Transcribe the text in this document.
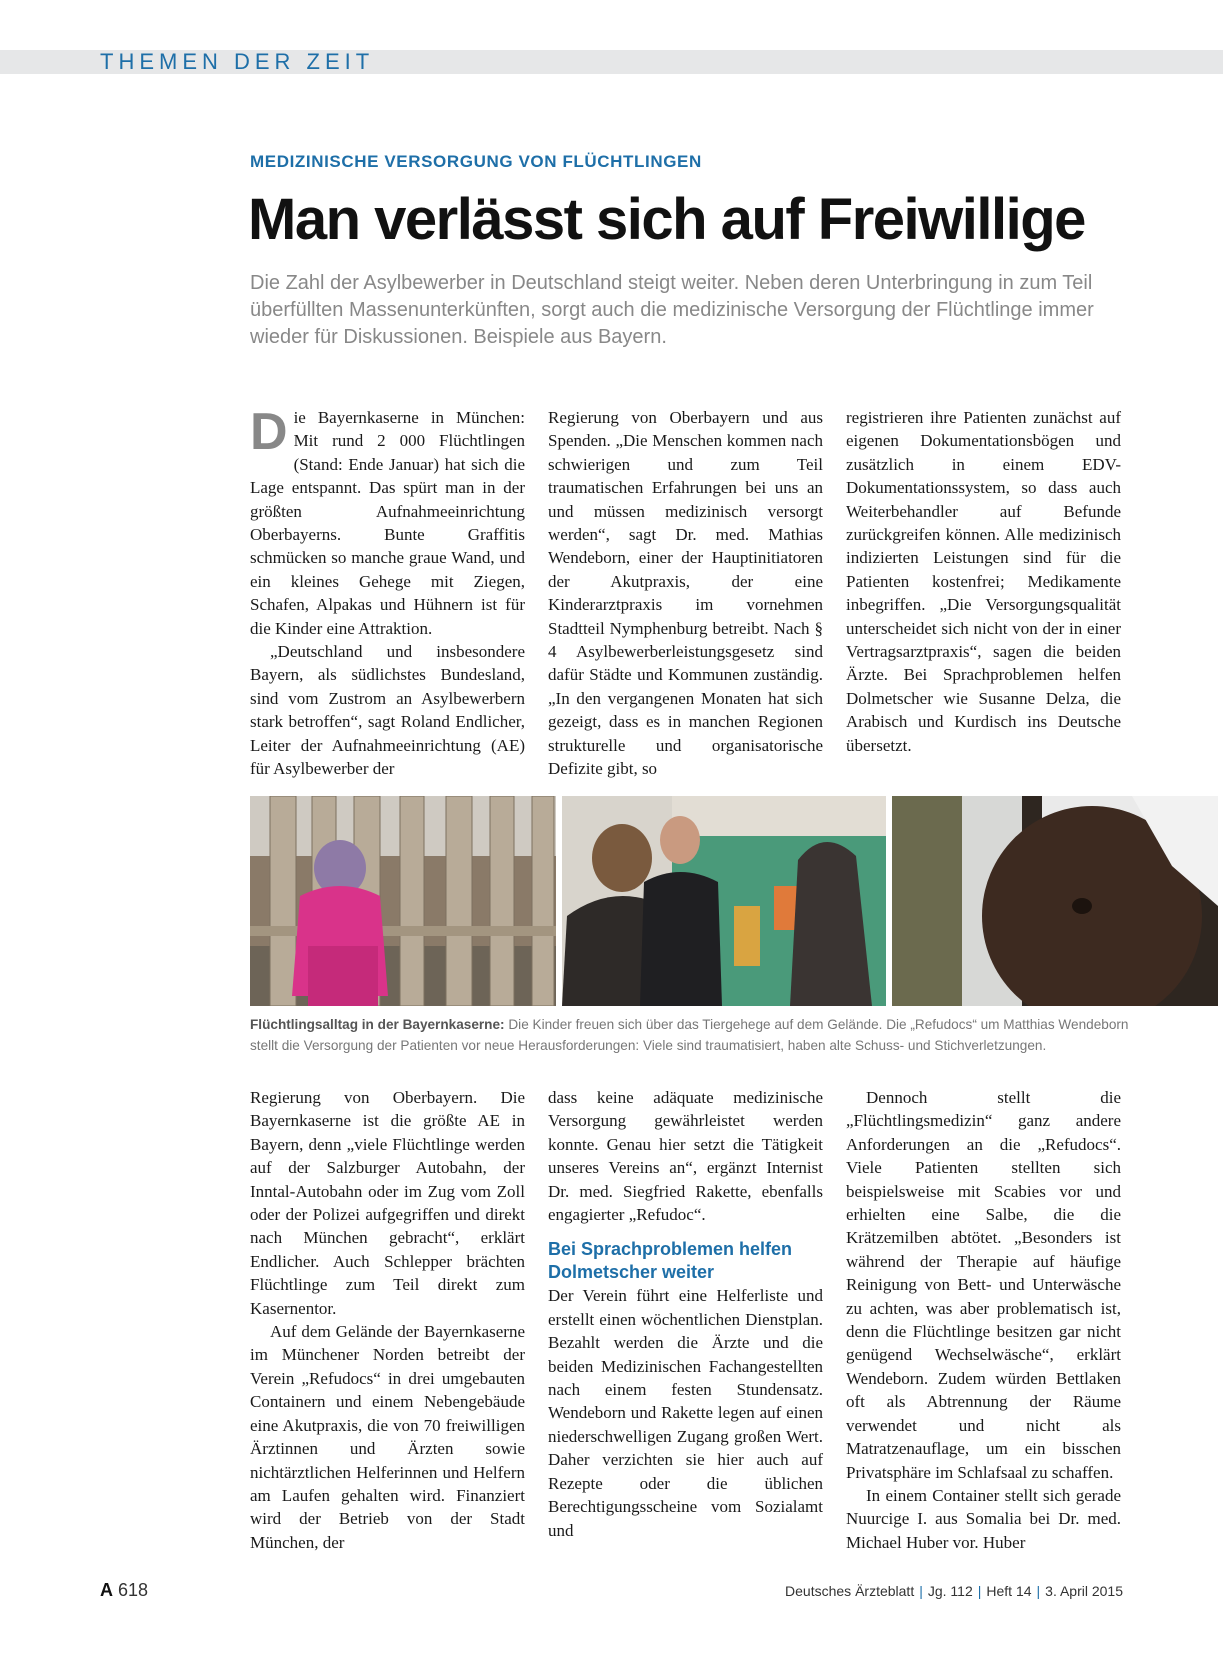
THEMEN DER ZEIT
MEDIZINISCHE VERSORGUNG VON FLÜCHTLINGEN
Man verlässt sich auf Freiwillige
Die Zahl der Asylbewerber in Deutschland steigt weiter. Neben deren Unterbringung in zum Teil überfüllten Massenunterkünften, sorgt auch die medizinische Versorgung der Flüchtlinge immer wieder für Diskussionen. Beispiele aus Bayern.

Die Bayernkaserne in München: Mit rund 2 000 Flüchtlingen (Stand: Ende Januar) hat sich die Lage entspannt. Das spürt man in der größten Aufnahmeeinrichtung Oberbayerns. Bunte Graffitis schmücken so manche graue Wand, und ein kleines Gehege mit Ziegen, Schafen, Alpakas und Hühnern ist für die Kinder eine Attraktion.

„Deutschland und insbesondere Bayern, als südlichstes Bundesland, sind vom Zustrom an Asylbewerbern stark betroffen“, sagt Roland Endlicher, Leiter der Aufnahmeeinrichtung (AE) für Asylbewerber der

Regierung von Oberbayern und aus Spenden. „Die Menschen kommen nach schwierigen und zum Teil traumatischen Erfahrungen bei uns an und müssen medizinisch versorgt werden“, sagt Dr. med. Mathias Wendeborn, einer der Hauptinitiatoren der Akutpraxis, der eine Kinderarztpraxis im vornehmen Stadtteil Nymphenburg betreibt. Nach § 4 Asylbewerberleistungsgesetz sind dafür Städte und Kommunen zuständig. „In den vergangenen Monaten hat sich gezeigt, dass es in manchen Regionen strukturelle und organisatorische Defizite gibt, so

registrieren ihre Patienten zunächst auf eigenen Dokumentationsbögen und zusätzlich in einem EDV-Dokumentationssystem, so dass auch Weiterbehandler auf Befunde zurückgreifen können. Alle medizinisch indizierten Leistungen sind für die Patienten kostenfrei; Medikamente inbegriffen. „Die Versorgungsqualität unterscheidet sich nicht von der in einer Vertragsarztpraxis“, sagen die beiden Ärzte. Bei Sprachproblemen helfen Dolmetscher wie Susanne Delza, die Arabisch und Kurdisch ins Deutsche übersetzt.

Flüchtlingsalltag in der Bayernkaserne: Die Kinder freuen sich über das Tiergehege auf dem Gelände. Die „Refudocs“ um Matthias Wendeborn stellt die Versorgung der Patienten vor neue Herausforderungen: Viele sind traumatisiert, haben alte Schuss- und Stichverletzungen.

Regierung von Oberbayern. Die Bayernkaserne ist die größte AE in Bayern, denn „viele Flüchtlinge werden auf der Salzburger Autobahn, der Inntal-Autobahn oder im Zug vom Zoll oder der Polizei aufgegriffen und direkt nach München gebracht“, erklärt Endlicher. Auch Schlepper brächten Flüchtlinge zum Teil direkt zum Kasernentor.

Auf dem Gelände der Bayernkaserne im Münchener Norden betreibt der Verein „Refudocs“ in drei umgebauten Containern und einem Nebengebäude eine Akutpraxis, die von 70 freiwilligen Ärztinnen und Ärzten sowie nichtärztlichen Helferinnen und Helfern am Laufen gehalten wird. Finanziert wird der Betrieb von der Stadt München, der

dass keine adäquate medizinische Versorgung gewährleistet werden konnte. Genau hier setzt die Tätigkeit unseres Vereins an“, ergänzt Internist Dr. med. Siegfried Rakette, ebenfalls engagierter „Refudoc“.

Bei Sprachproblemen helfen Dolmetscher weiter

Der Verein führt eine Helferliste und erstellt einen wöchentlichen Dienstplan. Bezahlt werden die Ärzte und die beiden Medizinischen Fachangestellten nach einem festen Stundensatz. Wendeborn und Rakette legen auf einen niederschwelligen Zugang großen Wert. Daher verzichten sie hier auch auf Rezepte oder die üblichen Berechtigungsscheine vom Sozialamt und

Dennoch stellt die „Flüchtlingsmedizin“ ganz andere Anforderungen an die „Refudocs“. Viele Patienten stellten sich beispielsweise mit Scabies vor und erhielten eine Salbe, die die Krätzemilben abtötet. „Besonders ist während der Therapie auf häufige Reinigung von Bett- und Unterwäsche zu achten, was aber problematisch ist, denn die Flüchtlinge besitzen gar nicht genügend Wechselwäsche“, erklärt Wendeborn. Zudem würden Bettlaken oft als Abtrennung der Räume verwendet und nicht als Matratzenauflage, um ein bisschen Privatsphäre im Schlafsaal zu schaffen.

In einem Container stellt sich gerade Nuurcige I. aus Somalia bei Dr. med. Michael Huber vor. Huber

A 618	Deutsches Ärzteblatt | Jg. 112 | Heft 14 | 3. April 2015
